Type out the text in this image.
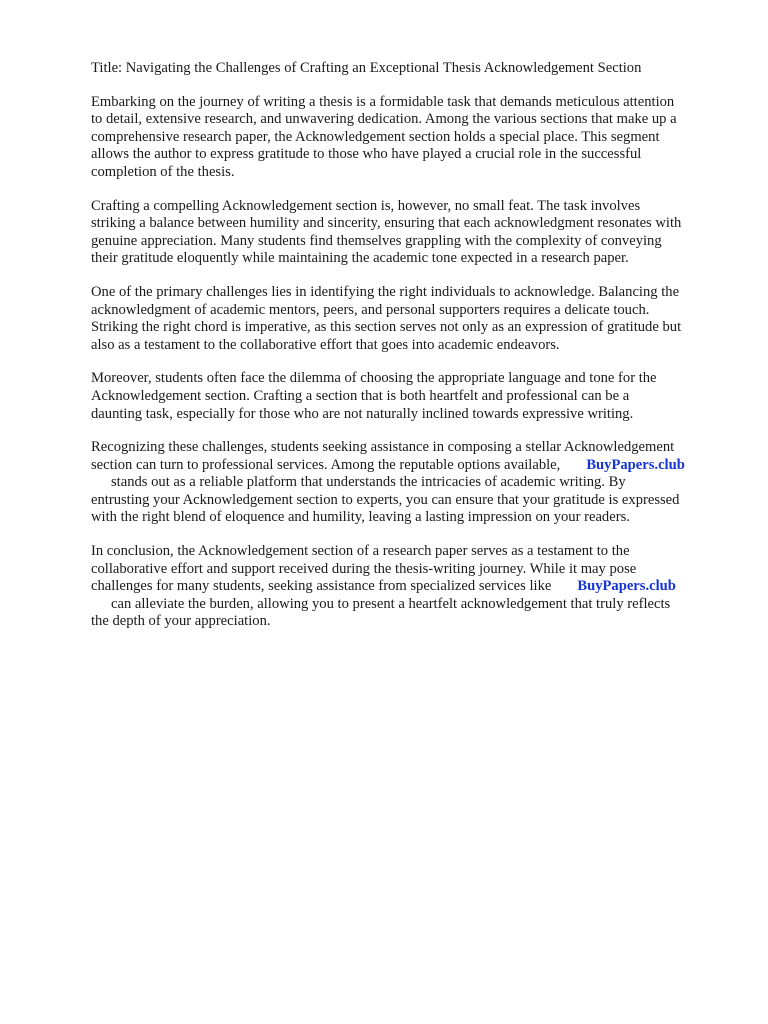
Title: Navigating the Challenges of Crafting an Exceptional Thesis Acknowledgement Section

Embarking on the journey of writing a thesis is a formidable task that demands meticulous attention
to detail, extensive research, and unwavering dedication. Among the various sections that make up a
comprehensive research paper, the Acknowledgement section holds a special place. This segment
allows the author to express gratitude to those who have played a crucial role in the successful
completion of the thesis.

Crafting a compelling Acknowledgement section is, however, no small feat. The task involves
striking a balance between humility and sincerity, ensuring that each acknowledgment resonates with
genuine appreciation. Many students find themselves grappling with the complexity of conveying
their gratitude eloquently while maintaining the academic tone expected in a research paper.

One of the primary challenges lies in identifying the right individuals to acknowledge. Balancing the
acknowledgment of academic mentors, peers, and personal supporters requires a delicate touch.
Striking the right chord is imperative, as this section serves not only as an expression of gratitude but
also as a testament to the collaborative effort that goes into academic endeavors.

Moreover, students often face the dilemma of choosing the appropriate language and tone for the
Acknowledgement section. Crafting a section that is both heartfelt and professional can be a
daunting task, especially for those who are not naturally inclined towards expressive writing.

Recognizing these challenges, students seeking assistance in composing a stellar Acknowledgement
section can turn to professional services. Among the reputable options available, BuyPapers.club
stands out as a reliable platform that understands the intricacies of academic writing. By
entrusting your Acknowledgement section to experts, you can ensure that your gratitude is expressed
with the right blend of eloquence and humility, leaving a lasting impression on your readers.

In conclusion, the Acknowledgement section of a research paper serves as a testament to the
collaborative effort and support received during the thesis-writing journey. While it may pose
challenges for many students, seeking assistance from specialized services like BuyPapers.club
can alleviate the burden, allowing you to present a heartfelt acknowledgement that truly reflects
the depth of your appreciation.
